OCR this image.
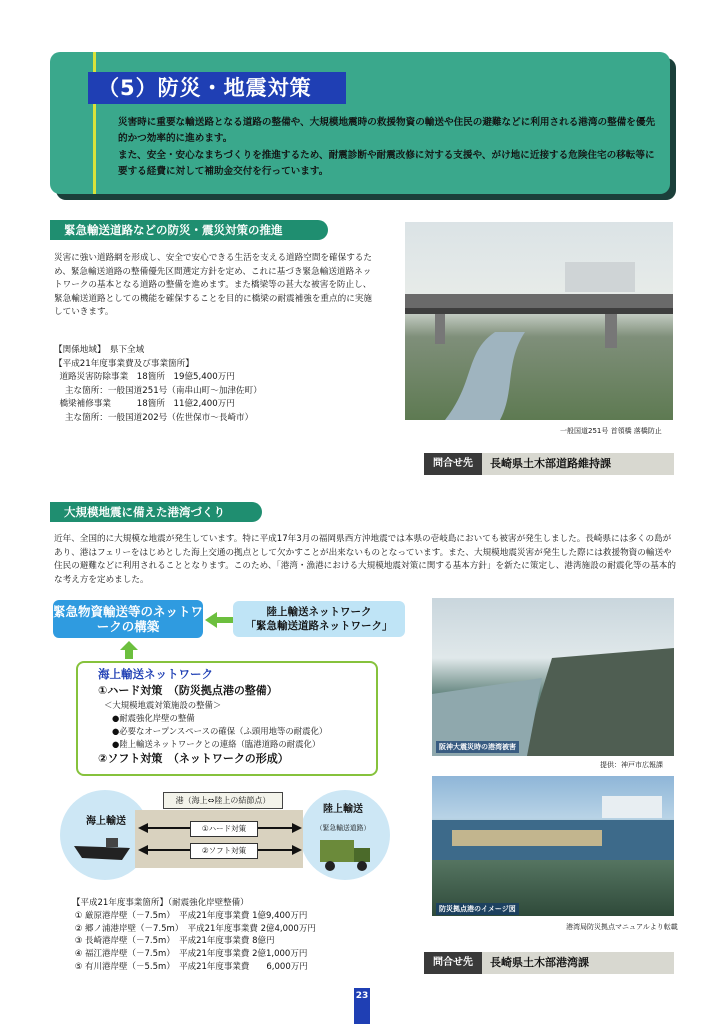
（5）防災・地震対策

災害時に重要な輸送路となる道路の整備や、大規模地震時の救援物資の輸送や住民の避難などに利用される港湾の整備を優先的かつ効率的に進めます。

また、安全・安心なまちづくりを推進するため、耐震診断や耐震改修に対する支援や、がけ地に近接する危険住宅の移転等に要する経費に対して補助金交付を行っています。

緊急輸送道路などの防災・震災対策の推進
災害に強い道路網を形成し、安全で安心できる生活を支える道路空間を確保するため、緊急輸送道路の整備優先区間選定方針を定め、これに基づき緊急輸送道路ネットワークの基本となる道路の整備を進めます。また橋梁等の甚大な被害を防止し、緊急輸送道路としての機能を確保することを目的に橋梁の耐震補強を重点的に実施していきます。
【関係地域】　県下全域
【平成21年度事業費及び事業箇所】
道路災害防除事業　18箇所　19億5,400万円
主な箇所：一般国道251号（南串山町～加津佐町）
橋梁補修事業　　　18箇所　11億2,400万円
主な箇所：一般国道202号（佐世保市～長崎市）
一般国道251号 首領橋 落橋防止
問合せ先	長崎県土木部道路維持課
大規模地震に備えた港湾づくり
近年、全国的に大規模な地震が発生しています。特に平成17年3月の福岡県西方沖地震では本県の壱岐島においても被害が発生しました。長崎県には多くの島があり、港はフェリーをはじめとした海上交通の拠点として欠かすことが出来ないものとなっています。また、大規模地震災害が発生した際には救援物資の輸送や住民の避難などに利用されることとなります。このため、「港湾・漁港における大規模地震対策に関する基本方針」を新たに策定し、港湾施設の耐震化等の基本的な考え方を定めました。
緊急物資輸送等のネットワークの構築
陸上輸送ネットワーク
「緊急輸送道路ネットワーク」
海上輸送ネットワーク
①ハード対策　（防災拠点港の整備）
＜大規模地震対策施設の整備＞
●耐震強化岸壁の整備
●必要なオープンスペースの確保（ふ頭用地等の耐震化）
●陸上輸送ネットワークとの連絡（臨港道路の耐震化）
②ソフト対策　（ネットワークの形成）
港（海上⇔陸上の結節点）
海上輸送
陸上輸送
（緊急輸送道路）
①ハード対策
②ソフト対策
【平成21年度事業箇所】（耐震強化岸壁整備）
① 厳原港岸壁（－7.5m）　平成21年度事業費 1億9,400万円
② 郷ノ浦港岸壁（－7.5m）　平成21年度事業費 2億4,000万円
③ 長崎港岸壁（－7.5m）　平成21年度事業費 8億円
④ 福江港岸壁（－7.5m）　平成21年度事業費 2億1,000万円
⑤ 有川港岸壁（－5.5m）　平成21年度事業費　　6,000万円
阪神大震災時の港湾被害
提供：神戸市広報課
防災拠点港のイメージ図
港湾局防災拠点マニュアルより転載
問合せ先	長崎県土木部港湾課
23
